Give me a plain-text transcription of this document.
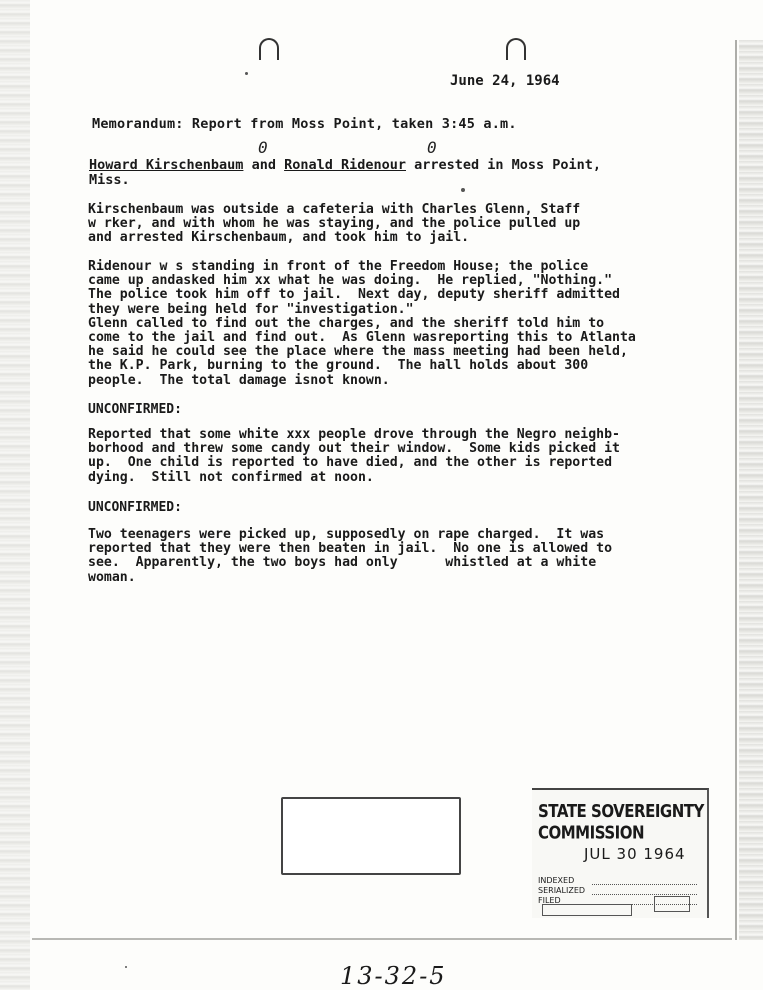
June 24, 1964
Memorandum: Report from Moss Point, taken 3:45 a.m.
0	0
Howard Kirschenbaum and Ronald Ridenour arrested in Moss Point,
Miss.
Kirschenbaum was outside a cafeteria with Charles Glenn, Staff
w rker, and with whom he was staying, and the police pulled up
and arrested Kirschenbaum, and took him to jail.
Ridenour w s standing in front of the Freedom House; the police
came up andasked him xx what he was doing.  He replied, "Nothing."
The police took him off to jail.  Next day, deputy sheriff admitted
they were being held for "investigation."
Glenn called to find out the charges, and the sheriff told him to
come to the jail and find out.  As Glenn wasreporting this to Atlanta
he said he could see the place where the mass meeting had been held,
the K.P. Park, burning to the ground.  The hall holds about 300
people.  The total damage isnot known.
UNCONFIRMED:
Reported that some white xxx people drove through the Negro neighb-
borhood and threw some candy out their window.  Some kids picked it
up.  One child is reported to have died, and the other is reported
dying.  Still not confirmed at noon.
UNCONFIRMED:
Two teenagers were picked up, supposedly on rape charged.  It was
reported that they were then beaten in jail.  No one is allowed to
see.  Apparently, the two boys had only      whistled at a white
woman.
STATE SOVEREIGNTY COMMISSION
JUL 30 1964
INDEXED
SERIALIZED
FILED
13-32-5
